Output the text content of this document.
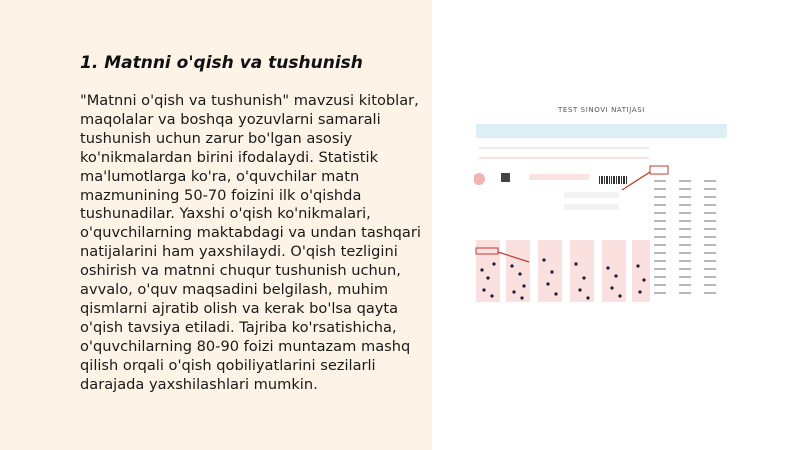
1. Matnni o'qish va tushunish

"Matnni o'qish va tushunish" mavzusi kitoblar, maqolalar va boshqa yozuvlarni samarali tushunish uchun zarur bo'lgan asosiy ko'nikmalardan birini ifodalaydi. Statistik ma'lumotlarga ko'ra, o'quvchilar matn mazmunining 50-70 foizini ilk o'qishda tushunadilar. Yaxshi o'qish ko'nikmalari, o'quvchilarning maktabdagi va undan tashqari natijalarini ham yaxshilaydi. O'qish tezligini oshirish va matnni chuqur tushunish uchun, avvalo, o'quv maqsadini belgilash, muhim qismlarni ajratib olish va kerak bo'lsa qayta o'qish tavsiya etiladi. Tajriba ko'rsatishicha, o'quvchilarning 80-90 foizi muntazam mashq qilish orqali o'qish qobiliyatlarini sezilarli darajada yaxshilashlari mumkin.

TEST SINOVI NATIJASI
